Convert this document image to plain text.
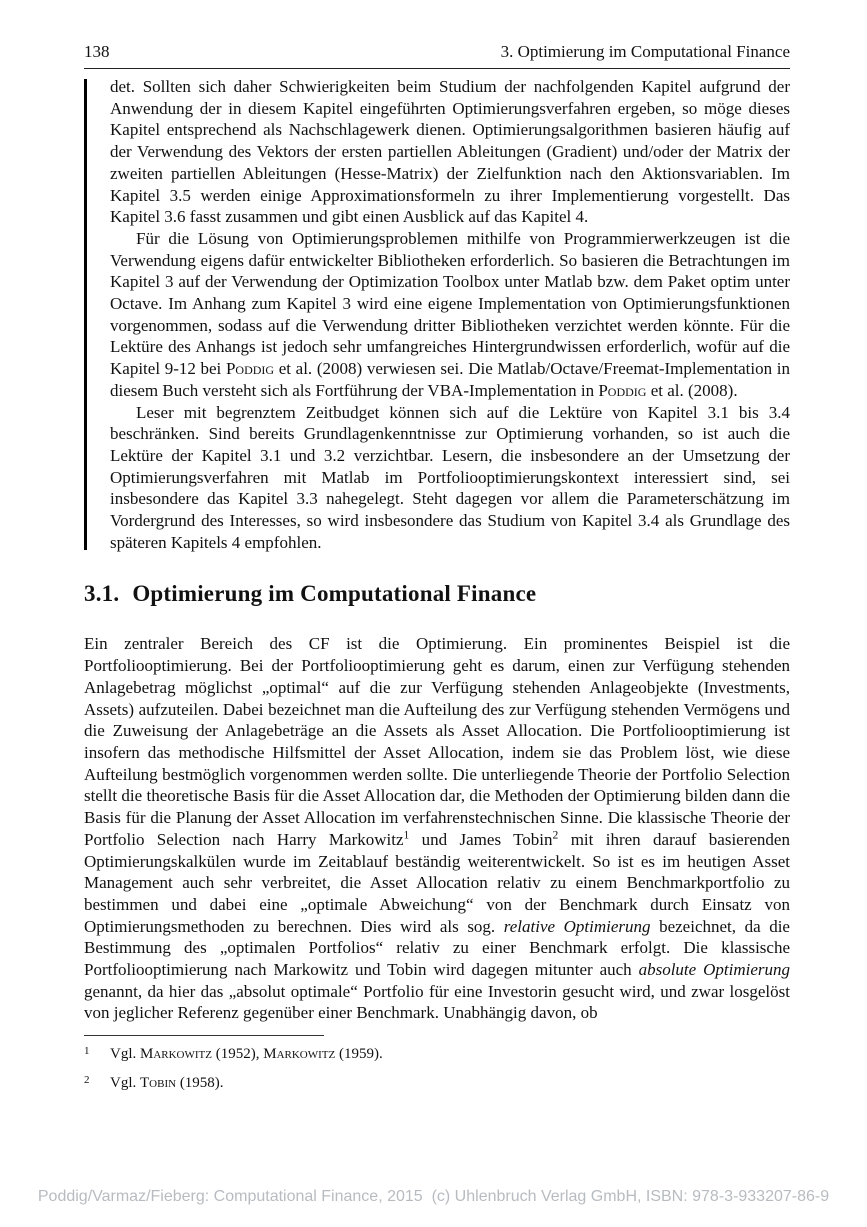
138	3. Optimierung im Computational Finance

det. Sollten sich daher Schwierigkeiten beim Studium der nachfolgenden Kapitel aufgrund der Anwendung der in diesem Kapitel eingeführten Optimierungsverfahren ergeben, so möge dieses Kapitel entsprechend als Nachschlagewerk dienen. Optimierungsalgorithmen basieren häufig auf der Verwendung des Vektors der ersten partiellen Ableitungen (Gradient) und/oder der Matrix der zweiten partiellen Ableitungen (Hesse-Matrix) der Zielfunktion nach den Aktionsvariablen. Im Kapitel 3.5 werden einige Approximationsformeln zu ihrer Implementierung vorgestellt. Das Kapitel 3.6 fasst zusammen und gibt einen Ausblick auf das Kapitel 4.

Für die Lösung von Optimierungsproblemen mithilfe von Programmierwerkzeugen ist die Verwendung eigens dafür entwickelter Bibliotheken erforderlich. So basieren die Betrachtungen im Kapitel 3 auf der Verwendung der Optimization Toolbox unter Matlab bzw. dem Paket optim unter Octave. Im Anhang zum Kapitel 3 wird eine eigene Implementation von Optimierungsfunktionen vorgenommen, sodass auf die Verwendung dritter Bibliotheken verzichtet werden könnte. Für die Lektüre des Anhangs ist jedoch sehr umfangreiches Hintergrundwissen erforderlich, wofür auf die Kapitel 9-12 bei Poddig et al. (2008) verwiesen sei. Die Matlab/Octave/Freemat-Implementation in diesem Buch versteht sich als Fortführung der VBA-Implementation in Poddig et al. (2008).

Leser mit begrenztem Zeitbudget können sich auf die Lektüre von Kapitel 3.1 bis 3.4 beschränken. Sind bereits Grundlagenkenntnisse zur Optimierung vorhanden, so ist auch die Lektüre der Kapitel 3.1 und 3.2 verzichtbar. Lesern, die insbesondere an der Umsetzung der Optimierungsverfahren mit Matlab im Portfoliooptimierungskontext interessiert sind, sei insbesondere das Kapitel 3.3 nahegelegt. Steht dagegen vor allem die Parameterschätzung im Vordergrund des Interesses, so wird insbesondere das Studium von Kapitel 3.4 als Grundlage des späteren Kapitels 4 empfohlen.

3.1. Optimierung im Computational Finance

Ein zentraler Bereich des CF ist die Optimierung. Ein prominentes Beispiel ist die Portfoliooptimierung. Bei der Portfoliooptimierung geht es darum, einen zur Verfügung stehenden Anlagebetrag möglichst „optimal“ auf die zur Verfügung stehenden Anlageobjekte (Investments, Assets) aufzuteilen. Dabei bezeichnet man die Aufteilung des zur Verfügung stehenden Vermögens und die Zuweisung der Anlagebeträge an die Assets als Asset Allocation. Die Portfoliooptimierung ist insofern das methodische Hilfsmittel der Asset Allocation, indem sie das Problem löst, wie diese Aufteilung bestmöglich vorgenommen werden sollte. Die unterliegende Theorie der Portfolio Selection stellt die theoretische Basis für die Asset Allocation dar, die Methoden der Optimierung bilden dann die Basis für die Planung der Asset Allocation im verfahrenstechnischen Sinne. Die klassische Theorie der Portfolio Selection nach Harry Markowitz$^1$ und James Tobin$^2$ mit ihren darauf basierenden Optimierungskalkülen wurde im Zeitablauf beständig weiterentwickelt. So ist es im heutigen Asset Management auch sehr verbreitet, die Asset Allocation relativ zu einem Benchmarkportfolio zu bestimmen und dabei eine „optimale Abweichung“ von der Benchmark durch Einsatz von Optimierungsmethoden zu berechnen. Dies wird als sog. relative Optimierung bezeichnet, da die Bestimmung des „optimalen Portfolios“ relativ zu einer Benchmark erfolgt. Die klassische Portfoliooptimierung nach Markowitz und Tobin wird dagegen mitunter auch absolute Optimierung genannt, da hier das „absolut optimale“ Portfolio für eine Investorin gesucht wird, und zwar losgelöst von jeglicher Referenz gegenüber einer Benchmark. Unabhängig davon, ob

1	Vgl. Markowitz (1952), Markowitz (1959).
2	Vgl. Tobin (1958).
Poddig/Varmaz/Fieberg: Computational Finance, 2015  (c) Uhlenbruch Verlag GmbH, ISBN: 978-3-933207-86-9
